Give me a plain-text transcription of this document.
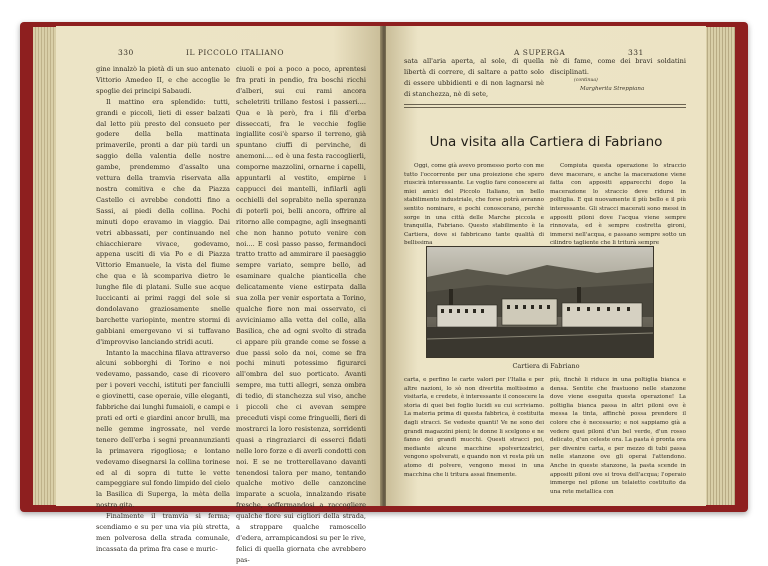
330	IL PICCOLO ITALIANO

gine innalzò la pietà di un suo antenato Vittorio Amedeo II, e che accoglie le spoglie dei principi Sabaudi.

Il mattino era splendido: tutti, grandi e piccoli, lieti di esser balzati dal letto più presto del consueto per godere della bella mattinata primaverile, pronti a dar più tardi un saggio della valentia delle nostre gambe, prendemmo d'assalto una vettura della tramvia riservata alla nostra comitiva e che da Piazza Castello ci avrebbe condotti fino a Sassi, ai piedi della collina. Pochi minuti dopo eravamo in viaggio. Dai vetri abbassati, per continuando nel chiacchierare vivace, godevamo, appena usciti di via Po e di Piazza Vittorio Emanuele, la vista del fiume che qua e là scompariva dietro le lunghe file di platani. Sulle sue acque luccicanti ai primi raggi del sole si dondolavano graziosamente snelle barchette variopinte, mentre stormi di gabbiani emergevano vi si tuffavano d'improvviso lanciando stridi acuti.

Intanto la macchina filava attraverso alcuni sobborghi di Torino e noi vedevamo, passando, case di ricovero per i poveri vecchi, istituti per fanciulli e giovinetti, case operaie, ville eleganti, fabbriche dai lunghi fumaioli, e campi e prati ed orti e giardini ancor brulli, ma nelle gemme ingrossate, nel verde tenero dell'erba i segni preannunzianti la primavera rigogliosa; e lontano vedevamo disegnarsi la collina torinese ed al di sopra di tutte le vette campeggiare sul fondo limpido del cielo la Basilica di Superga, la mèta della nostra gita.

Finalmente il tramvia si ferma; scendiamo e su per una via più stretta, men polverosa della strada comunale, incassata da prima fra case e muric-

ciuoli e poi a poco a poco, aprentesi fra prati in pendio, fra boschi ricchi d'alberi, sui cui rami ancora scheletriti trillano festosi i passeri.... Qua e là però, fra i fili d'erba disseccati, fra le vecchie foglie ingiallite cosi'è sparso il terreno, già spuntano ciuffi di pervinche, di anemoni.... ed è una festa raccoglierli, comporne mazzolini, ornarne i capelli, appuntarli al vestito, empirne i cappucci dei mantelli, infilarli agli occhielli del soprabito nella speranza di poterli poi, belli ancora, offrire al ritorno alle compagne, agli insegnanti che non hanno potuto venire con noi.... E così passo passo, fermandoci tratto tratto ad ammirare il paesaggio sempre variato, sempre bello, ad esaminare qualche pianticella che delicatamente viene estirpata dalla sua zolla per venir esportata a Torino, qualche fiore non mai osservato, ci avviciniamo alla vetta del colle, alla Basilica, che ad ogni svolto di strada ci appare più grande come se fosse a due passi solo da noi, come se fra pochi minuti potessimo figurarci all'ombra del suo porticato. Avanti sempre, ma tutti allegri, senza ombra di tedio, di stanchezza sul viso, anche i piccoli che ci avevan sempre preceduti vispi come fringuelli, fieri di mostrarci la loro resistenza, sorridenti quasi a ringraziarci di esserci fidati nelle loro forze e di averli condotti con noi. E se ne trotterellavano davanti tenendosi talora per mano, tentando qualche motivo delle canzoncine imparate a scuola, innalzando risate fresche, soffermandosi a raccogliere qualche fiore sui cigliori della strada, a strappare qualche ramoscello d'edera, arrampicandosi su per le rive, felici di quella giornata che avrebbero pas-

A SUPERGA	331

sata all'aria aperta, al sole, di quella libertà di correre, di saltare a patto solo di essere ubbidienti e di non lagnarsi nè di stanchezza, nè di sete,

nè di fame, come dei bravi soldatini disciplinati.

(continua)
Margherita Streppiana
Una visita alla Cartiera di Fabriano

Oggi, come già avevo promesso porto con me tutto l'occorrente per una proiezione che spero riuscirà interessante. Le voglio fare conoscere ai miei amici del Piccolo Italiano, un bello stabilimento industriale, che forse potrà avranno sentito nominare, e pochi conoscerano, perchè sorge in una città delle Marche piccola e tranquilla, Fabriano. Questo stabilimento è la Cartiera, dove si fabbricano tante qualità di bellissima

Compiuta questa operazione lo straccio deve macerare, e anche la macerazione viene fatta con appositi apparecchi dopo la macerazione lo straccio deve ridursi in poltiglia. E qui nuovamente il più bello e il più interessante. Gli stracci macerati sono messi in appositi piloni dove l'acqua viene sempre rinnovata, ed è sempre costretta gironi, immersi nell'acqua, e passano sempre sotto un cilindro tagliente che li triturà sempre

Cartiera di Fabriano

carta, e perfino le carte valori per l'Italia e per altre nazioni, lo sò non divertita moltissimo a visitarla, e credete, è interessante il conoscere la storia di quei bei foglio lucidi su cui scriviamo. La materia prima di questa fabbrica, è costituita dagli stracci. Se vedeste quanti! Ve ne sono dei grandi magazzini pieni; le donne li scelgono e ne fanno dei grandi mucchi. Questi stracci poi, mediante alcune macchine spolverizzatrici, vengono spolverati, e quando non vi resta più un atomo di polvere, vengono messi in una macchina che li tritura assai finemente.

più, finchè li riduce in una poltiglia bianca e densa. Sentite che frastuono nelle stanzone dove viene eseguita questa operazione! La poltiglia bianca passa in altri piloni ove è messa la tinta, affinchè possa prendere il colore che è necessario; e noi sappiamo già a vedere quei piloni d'un bel verde, d'un rosso delicato, d'un celeste ora. La pasta è pronta ora per divenire carta, e per mezzo di tubi passa nelle stanzone ove gli operai l'attendono. Anche in queste stanzone, la pasta scende in appositi piloni ove si trova dell'acqua; l'operaio immerge nel pilone un telaietto costituito da una rete metallica con
